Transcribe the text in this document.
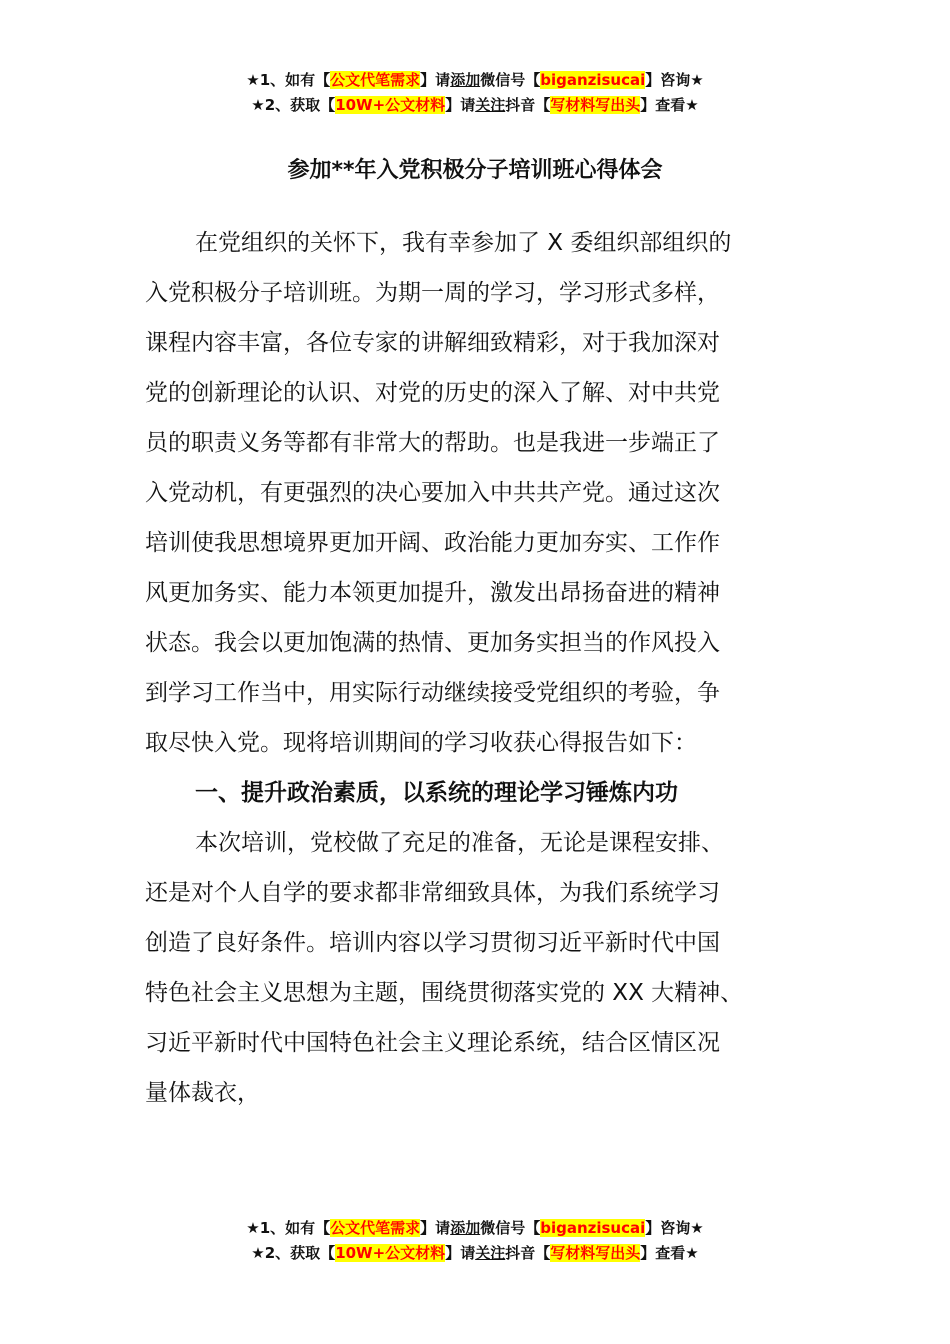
★1、如有【公文代笔需求】请添加微信号【biganzisucai】咨询★
★2、获取【10W+公文材料】请关注抖音【写材料写出头】查看★
参加**年入党积极分子培训班心得体会
在党组织的关怀下，我有幸参加了 X 委组织部组织的
入党积极分子培训班。为期一周的学习，学习形式多样，
课程内容丰富，各位专家的讲解细致精彩，对于我加深对
党的创新理论的认识、对党的历史的深入了解、对中共党
员的职责义务等都有非常大的帮助。也是我进一步端正了
入党动机，有更强烈的决心要加入中共共产党。通过这次
培训使我思想境界更加开阔、政治能力更加夯实、工作作
风更加务实、能力本领更加提升，激发出昂扬奋进的精神
状态。我会以更加饱满的热情、更加务实担当的作风投入
到学习工作当中，用实际行动继续接受党组织的考验，争
取尽快入党。现将培训期间的学习收获心得报告如下：
一、提升政治素质，以系统的理论学习锤炼内功
本次培训，党校做了充足的准备，无论是课程安排、
还是对个人自学的要求都非常细致具体，为我们系统学习
创造了良好条件。培训内容以学习贯彻习近平新时代中国
特色社会主义思想为主题，围绕贯彻落实党的 XX 大精神、
习近平新时代中国特色社会主义理论系统，结合区情区况
量体裁衣，
★1、如有【公文代笔需求】请添加微信号【biganzisucai】咨询★
★2、获取【10W+公文材料】请关注抖音【写材料写出头】查看★
